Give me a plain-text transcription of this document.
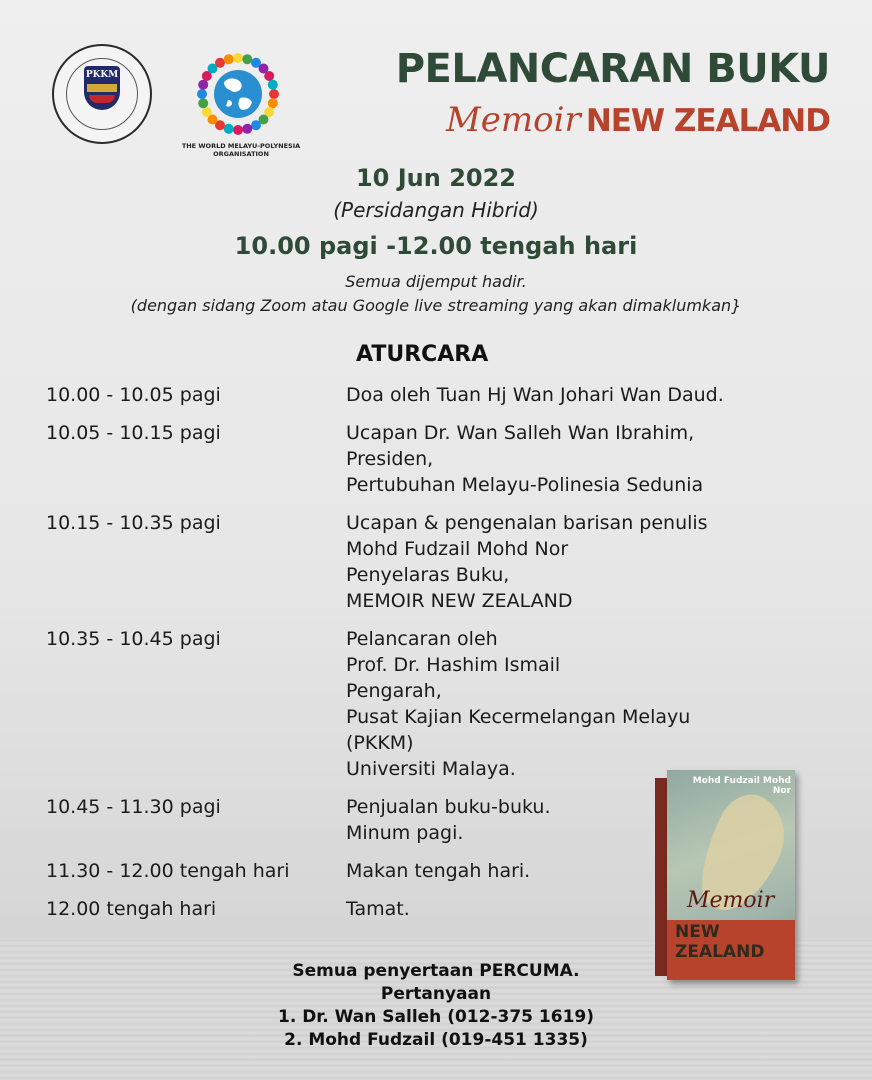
PKKM
THE WORLD MELAYU-POLYNESIA ORGANISATION
PELANCARAN BUKU
Memoir NEW ZEALAND
10 Jun 2022
(Persidangan Hibrid)
10.00 pagi -12.00 tengah hari
Semua dijemput hadir.
(dengan sidang Zoom atau Google live streaming yang akan dimaklumkan}
ATURCARA
10.00 - 10.05 pagi	Doa oleh Tuan Hj Wan Johari Wan Daud.
10.05 - 10.15 pagi	Ucapan Dr. Wan Salleh Wan Ibrahim,
Presiden,
Pertubuhan Melayu-Polinesia Sedunia
10.15 - 10.35 pagi	Ucapan & pengenalan barisan penulis
Mohd Fudzail Mohd Nor
Penyelaras Buku,
MEMOIR NEW ZEALAND
10.35 - 10.45 pagi	Pelancaran oleh
Prof. Dr. Hashim Ismail
Pengarah,
Pusat Kajian Kecermelangan Melayu
(PKKM)
Universiti Malaya.
10.45 - 11.30 pagi	Penjualan buku-buku.
Minum pagi.
11.30 - 12.00 tengah hari	Makan tengah hari.
12.00 tengah hari	Tamat.
Mohd Fudzail Mohd Nor
Memoir
NEW ZEALAND
Semua penyertaan PERCUMA.
Pertanyaan
1. Dr. Wan Salleh (012-375 1619)
2. Mohd Fudzail (019-451 1335)
